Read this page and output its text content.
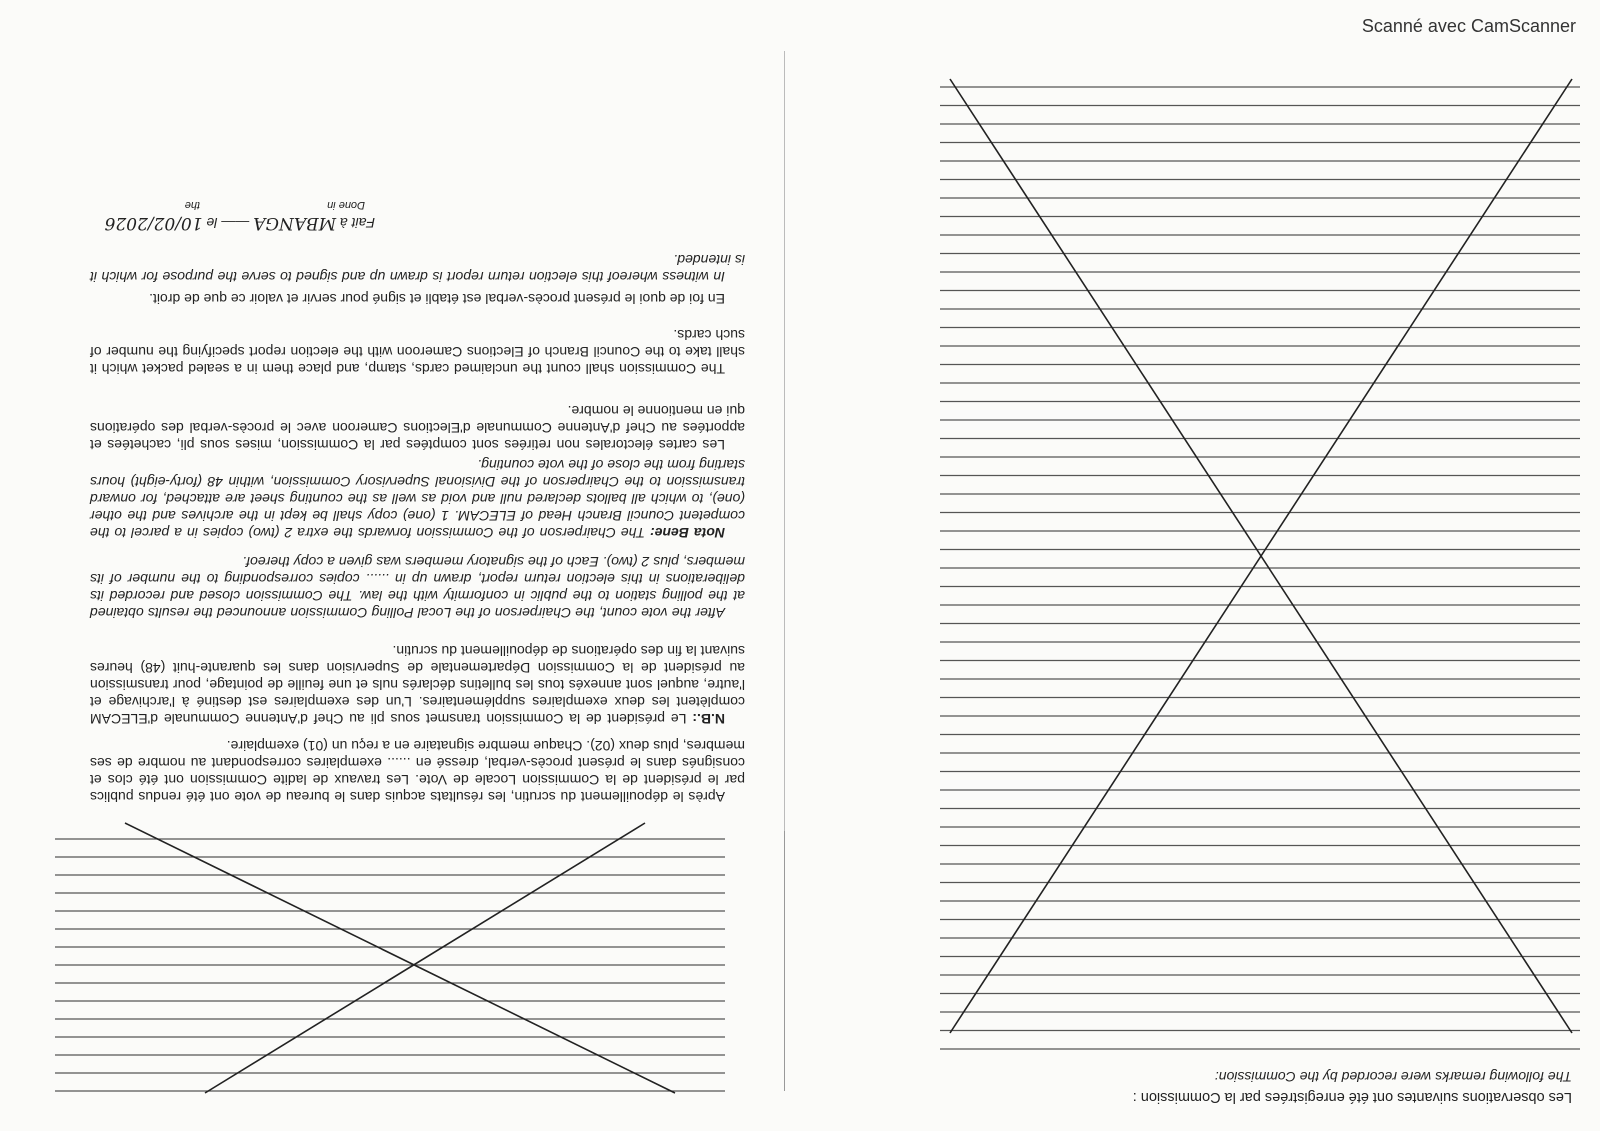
Les observations suivantes ont été enregistrées par la Commission :
The following remarks were recorded by the Commission:

Après le dépouillement du scrutin, les résultats acquis dans le bureau de vote ont été rendus publics par le président de la Commission Locale de Vote. Les travaux de ladite Commission ont été clos et consignés dans le présent procès-verbal, dressé en ...... exemplaires correspondant au nombre de ses membres, plus deux (02). Chaque membre signataire en a reçu un (01) exemplaire.

N.B.: Le président de la Commission transmet sous pli au Chef d'Antenne Communale d'ELECAM complètent les deux exemplaires supplémentaires. L'un des exemplaires est destiné à l'archivage et l'autre, auquel sont annexés tous les bulletins déclarés nuls et une feuille de pointage, pour transmission au président de la Commission Départementale de Supervision dans les quarante-huit (48) heures suivant la fin des opérations de dépouillement du scrutin.

After the vote count, the Chairperson of the Local Polling Commission announced the results obtained at the polling station to the public in conformity with the law. The Commission closed and recorded its deliberations in this election return report, drawn up in ...... copies corresponding to the number of its members, plus 2 (two). Each of the signatory members was given a copy thereof.

Nota Bene: The Chairperson of the Commission forwards the extra 2 (two) copies in a parcel to the competent Council Branch Head of ELECAM. 1 (one) copy shall be kept in the archives and the other (one), to which all ballots declared null and void as well as the counting sheet are attached, for onward transmission to the Chairperson of the Divisional Supervisory Commission, within 48 (forty-eight) hours starting from the close of the vote counting.

Les cartes électorales non retirées sont comptées par la Commission, mises sous pli, cachetées et apportées au Chef d'Antenne Communale d'Elections Cameroon avec le procès-verbal des opérations qui en mentionne le nombre.

The Commission shall count the unclaimed cards, stamp, and place them in a sealed packet which it shall take to the Council Branch of Elections Cameroon with the election report specifying the number of such cards.

En foi de quoi le présent procès-verbal est établi et signé pour servir et valoir ce que de droit.

In witness whereof this election return report is drawn up and signed to serve the purpose for which it is intended.

Fait à MBANGA —— le 10/02/2026
Done in
the
Scanné avec CamScanner
